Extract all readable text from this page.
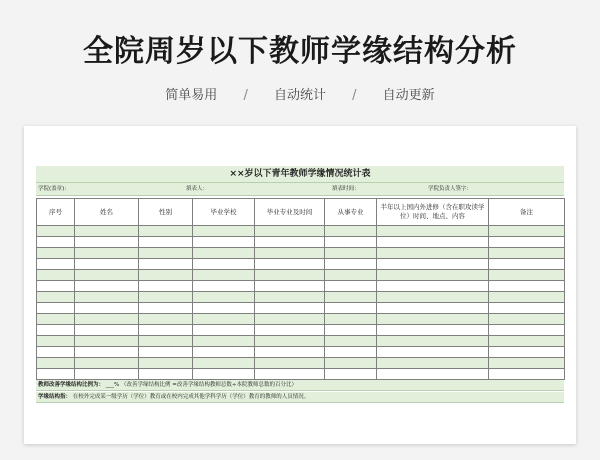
全院周岁以下教师学缘结构分析
简单易用 / 自动统计 / 自动更新
××岁以下青年教师学缘情况统计表
学院(盖章)：	填表人：	填表时间：	学院负责人签字：
序号	姓名	性别	毕业学校	毕业专业及时间	从事专业	半年以上国内外进修（含在职攻读学位）时间、地点、内容	备注

教师改善学缘结构比例为： ___% （改善学缘结构比例 =改善学缘结构教师总数÷本院教师总数的百分比）
学缘结构指： 在校外完成某一级学历（学位）教育或在校内完成其他学科学历（学位）教育的教师的人员情况。
